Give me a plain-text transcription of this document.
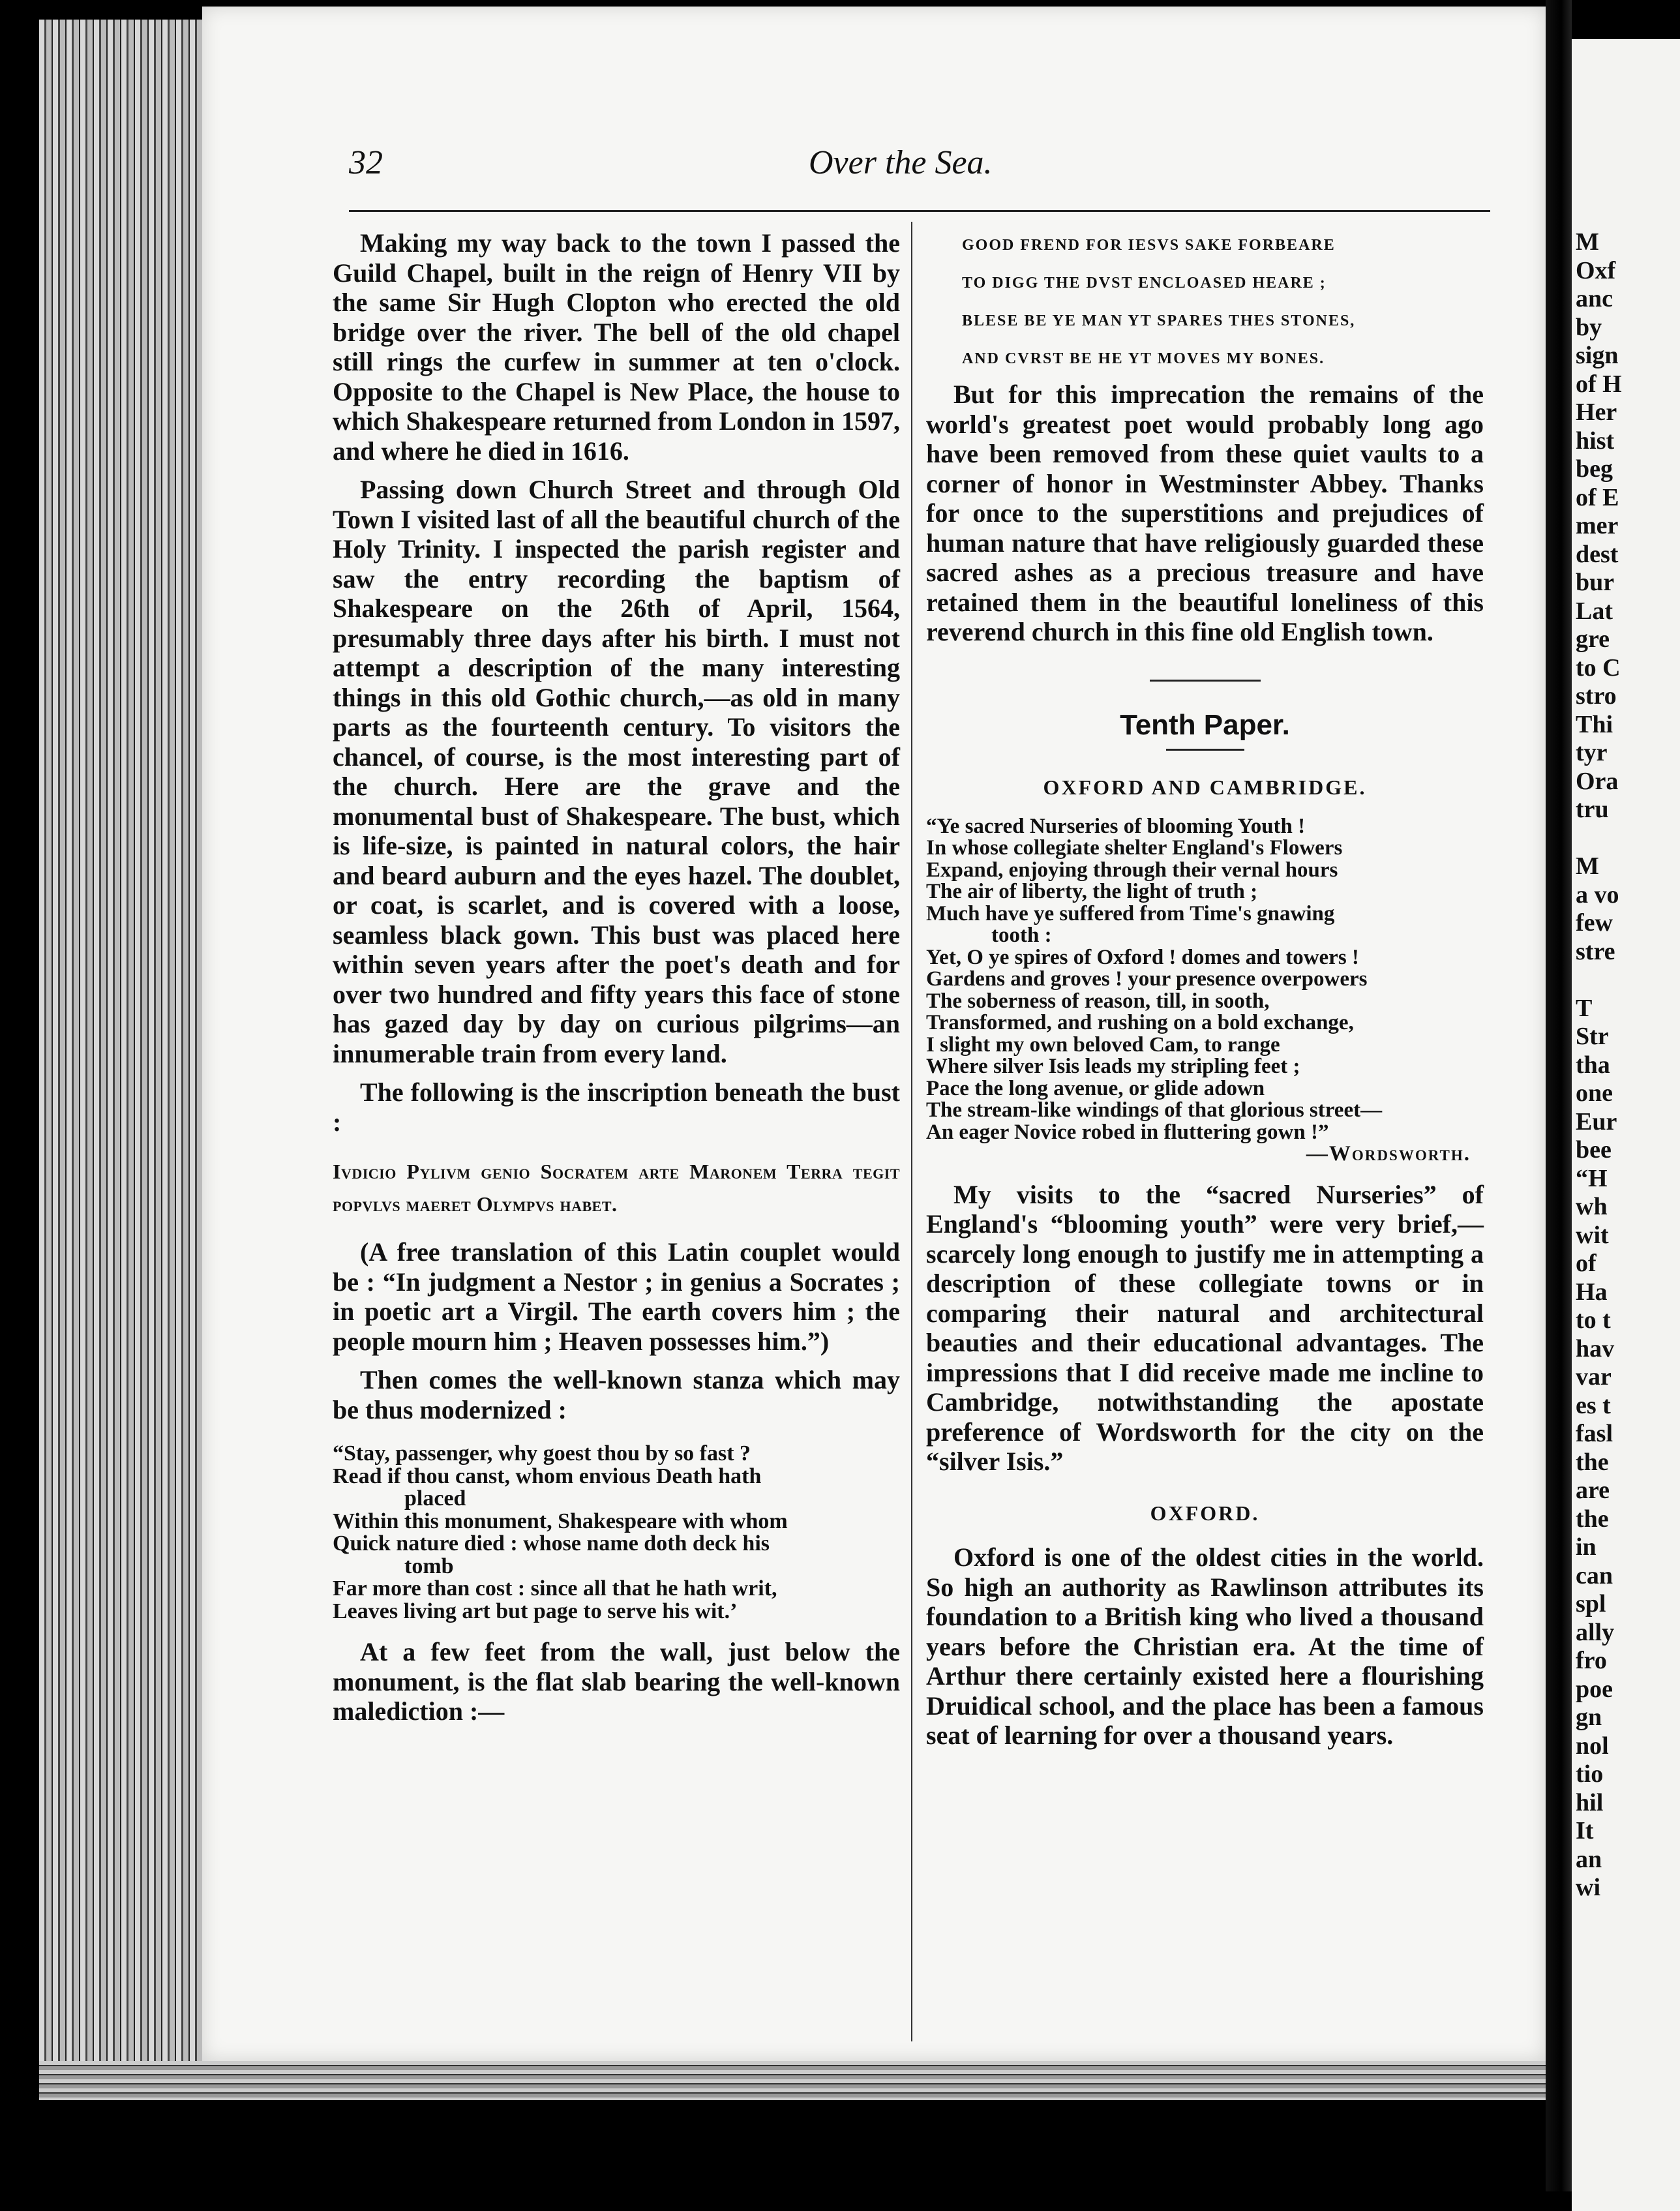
32	Over the Sea.

Making my way back to the town I passed the Guild Chapel, built in the reign of Henry VII by the same Sir Hugh Clopton who erected the old bridge over the river. The bell of the old chapel still rings the curfew in summer at ten o'clock. Opposite to the Chapel is New Place, the house to which Shakespeare returned from London in 1597, and where he died in 1616.

Passing down Church Street and through Old Town I visited last of all the beautiful church of the Holy Trinity. I inspected the parish register and saw the entry recording the baptism of Shakespeare on the 26th of April, 1564, presumably three days after his birth. I must not attempt a description of the many interesting things in this old Gothic church,—as old in many parts as the fourteenth century. To visitors the chancel, of course, is the most interesting part of the church. Here are the grave and the monumental bust of Shakespeare. The bust, which is life-size, is painted in natural colors, the hair and beard auburn and the eyes hazel. The doublet, or coat, is scarlet, and is covered with a loose, seamless black gown. This bust was placed here within seven years after the poet's death and for over two hundred and fifty years this face of stone has gazed day by day on curious pilgrims—an innumerable train from every land.

The following is the inscription beneath the bust :

Ivdicio Pylivm genio Socratem arte Maronem Terra tegit popvlvs maeret Olympvs habet.

(A free translation of this Latin couplet would be : “In judgment a Nestor ; in genius a Socrates ; in poetic art a Virgil. The earth covers him ; the people mourn him ; Heaven possesses him.”)

Then comes the well-known stanza which may be thus modernized :

“Stay, passenger, why goest thou by so fast ?
Read if thou canst, whom envious Death hath
placed
Within this monument, Shakespeare with whom
Quick nature died : whose name doth deck his
tomb
Far more than cost : since all that he hath writ,
Leaves living art but page to serve his wit.’

At a few feet from the wall, just below the monument, is the flat slab bearing the well-known malediction :—

GOOD FREND FOR IESVS SAKE FORBEARE
TO DIGG THE DVST ENCLOASED HEARE ;
BLESE BE YE MAN YT SPARES THES STONES,
AND CVRST BE HE YT MOVES MY BONES.

But for this imprecation the remains of the world's greatest poet would probably long ago have been removed from these quiet vaults to a corner of honor in Westminster Abbey. Thanks for once to the superstitions and prejudices of human nature that have religiously guarded these sacred ashes as a precious treasure and have retained them in the beautiful loneliness of this reverend church in this fine old English town.

Tenth Paper.
OXFORD AND CAMBRIDGE.
“Ye sacred Nurseries of blooming Youth !
In whose collegiate shelter England's Flowers
Expand, enjoying through their vernal hours
The air of liberty, the light of truth ;
Much have ye suffered from Time's gnawing
tooth :
Yet, O ye spires of Oxford ! domes and towers !
Gardens and groves ! your presence overpowers
The soberness of reason, till, in sooth,
Transformed, and rushing on a bold exchange,
I slight my own beloved Cam, to range
Where silver Isis leads my stripling feet ;
Pace the long avenue, or glide adown
The stream-like windings of that glorious street—
An eager Novice robed in fluttering gown !”
—Wordsworth.

My visits to the “sacred Nurseries” of England's “blooming youth” were very brief,—scarcely long enough to justify me in attempting a description of these collegiate towns or in comparing their natural and architectural beauties and their educational advantages. The impressions that I did receive made me incline to Cambridge, notwithstanding the apostate preference of Wordsworth for the city on the “silver Isis.”

OXFORD.

Oxford is one of the oldest cities in the world. So high an authority as Rawlinson attributes its foundation to a British king who lived a thousand years before the Christian era. At the time of Arthur there certainly existed here a flourishing Druidical school, and the place has been a famous seat of learning for over a thousand years.

M
Oxf
anc
by
sign
of H
Her
hist
beg
of E
mer
dest
bur
Lat
gre
to C
stro
Thi
tyr
Ora
tru

M
a vo
few
stre

T
Str
tha
one
Eur
bee
“H
wh
wit
of
Ha
to t
hav
var
es t
fasl
the
are
the
in
can
spl
ally
fro
poe
gn
nol
tio
hil
It
an
wi
